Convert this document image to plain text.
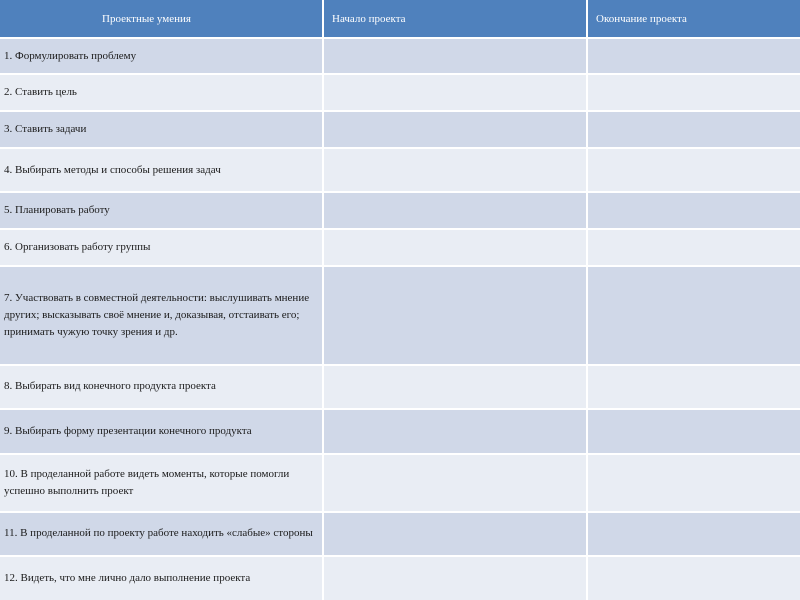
Проектные умения	Начало проекта	Окончание проекта
1. Формулировать проблему		
2. Ставить цель		
3. Ставить задачи		
4. Выбирать методы и способы решения задач		
5. Планировать работу		
6. Организовать работу группы		
7. Участвовать в совместной деятельности: выслушивать мнение других; высказывать своё мнение и, доказывая, отстаивать его; принимать чужую точку зрения и др.		
8. Выбирать вид конечного продукта проекта		
9. Выбирать форму презентации конечного продукта		
10. В проделанной работе видеть моменты, которые помогли успешно выполнить проект		
11. В проделанной по проекту работе находить «слабые» стороны		
12. Видеть, что мне лично дало выполнение проекта		
